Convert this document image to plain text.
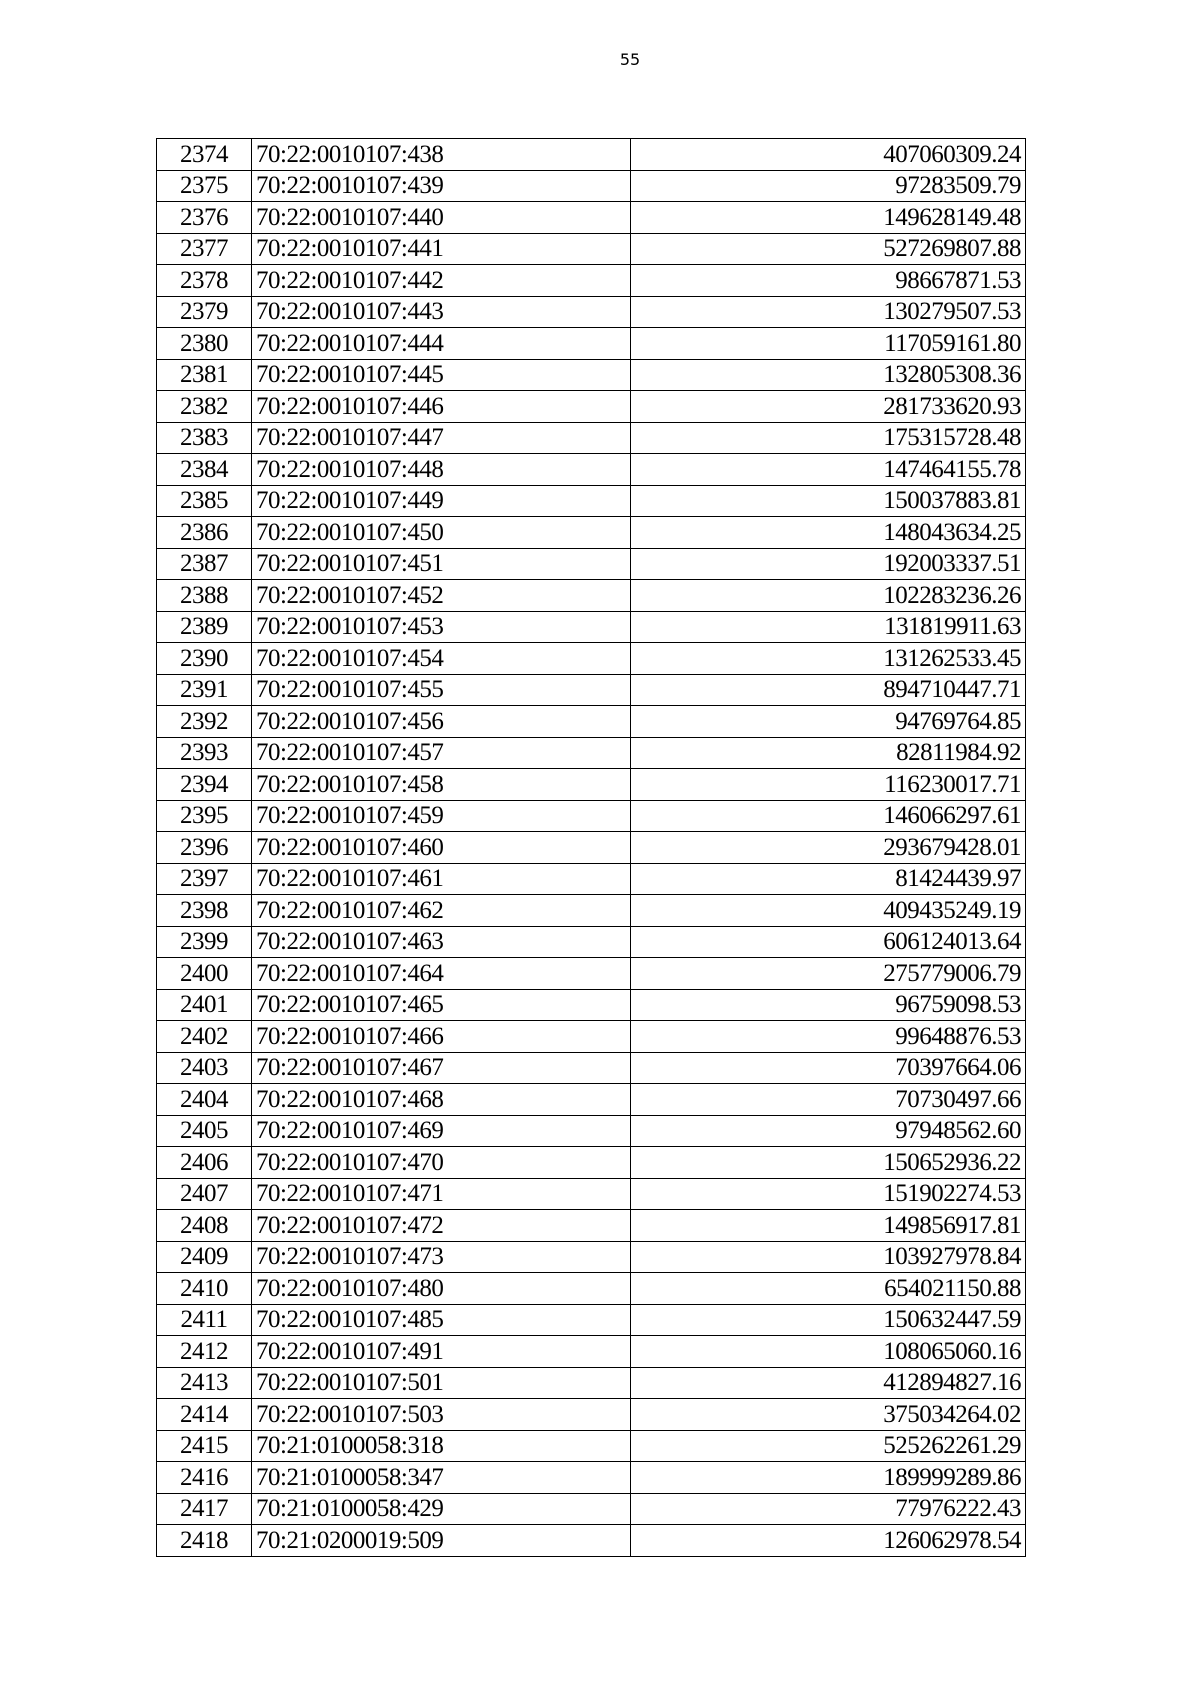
55
2374	70:22:0010107:438	407060309.24
2375	70:22:0010107:439	97283509.79
2376	70:22:0010107:440	149628149.48
2377	70:22:0010107:441	527269807.88
2378	70:22:0010107:442	98667871.53
2379	70:22:0010107:443	130279507.53
2380	70:22:0010107:444	117059161.80
2381	70:22:0010107:445	132805308.36
2382	70:22:0010107:446	281733620.93
2383	70:22:0010107:447	175315728.48
2384	70:22:0010107:448	147464155.78
2385	70:22:0010107:449	150037883.81
2386	70:22:0010107:450	148043634.25
2387	70:22:0010107:451	192003337.51
2388	70:22:0010107:452	102283236.26
2389	70:22:0010107:453	131819911.63
2390	70:22:0010107:454	131262533.45
2391	70:22:0010107:455	894710447.71
2392	70:22:0010107:456	94769764.85
2393	70:22:0010107:457	82811984.92
2394	70:22:0010107:458	116230017.71
2395	70:22:0010107:459	146066297.61
2396	70:22:0010107:460	293679428.01
2397	70:22:0010107:461	81424439.97
2398	70:22:0010107:462	409435249.19
2399	70:22:0010107:463	606124013.64
2400	70:22:0010107:464	275779006.79
2401	70:22:0010107:465	96759098.53
2402	70:22:0010107:466	99648876.53
2403	70:22:0010107:467	70397664.06
2404	70:22:0010107:468	70730497.66
2405	70:22:0010107:469	97948562.60
2406	70:22:0010107:470	150652936.22
2407	70:22:0010107:471	151902274.53
2408	70:22:0010107:472	149856917.81
2409	70:22:0010107:473	103927978.84
2410	70:22:0010107:480	654021150.88
2411	70:22:0010107:485	150632447.59
2412	70:22:0010107:491	108065060.16
2413	70:22:0010107:501	412894827.16
2414	70:22:0010107:503	375034264.02
2415	70:21:0100058:318	525262261.29
2416	70:21:0100058:347	189999289.86
2417	70:21:0100058:429	77976222.43
2418	70:21:0200019:509	126062978.54
